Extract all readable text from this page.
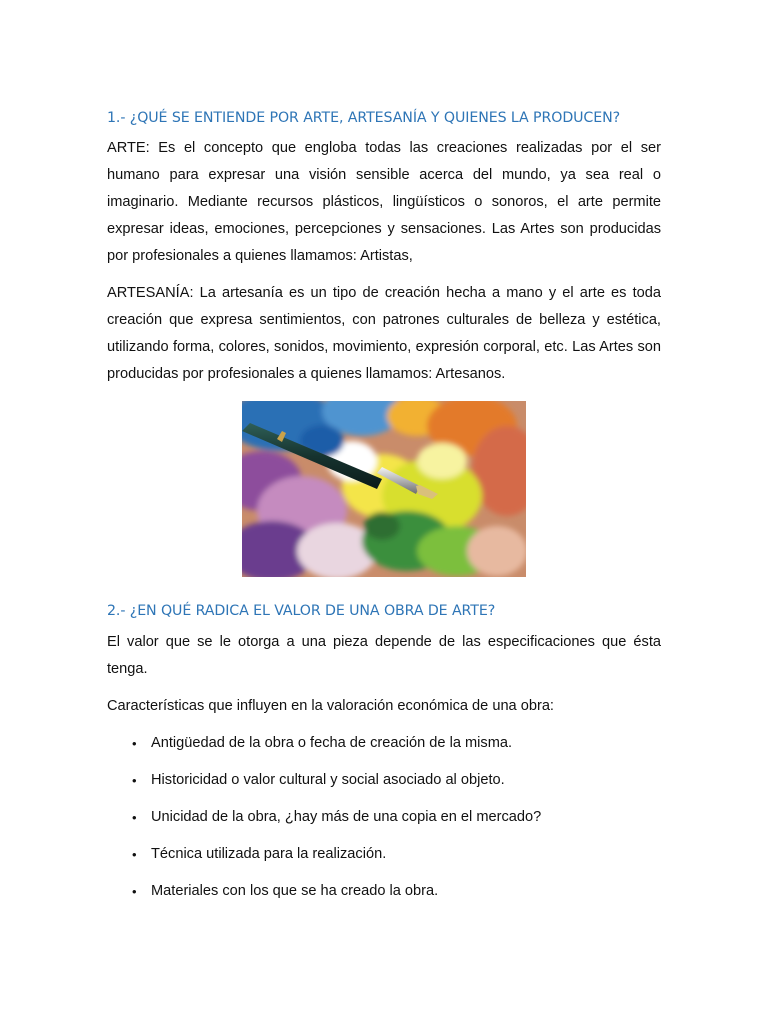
1.- ¿QUÉ SE ENTIENDE POR ARTE, ARTESANÍA Y QUIENES LA PRODUCEN?

ARTE: Es el concepto que engloba todas las creaciones realizadas por el ser humano para expresar una visión sensible acerca del mundo, ya sea real o imaginario. Mediante recursos plásticos, lingüísticos o sonoros, el arte permite expresar ideas, emociones, percepciones y sensaciones. Las Artes son producidas por profesionales a quienes llamamos: Artistas,

ARTESANÍA: La artesanía es un tipo de creación hecha a mano y el arte es toda creación que expresa sentimientos, con patrones culturales de belleza y estética, utilizando forma, colores, sonidos, movimiento, expresión corporal, etc. Las Artes son producidas por profesionales a quienes llamamos: Artesanos.

2.- ¿EN QUÉ RADICA EL VALOR DE UNA OBRA DE ARTE?

El valor que se le otorga a una pieza depende de las especificaciones que ésta tenga.

Características que influyen en la valoración económica de una obra:

• Antigüedad de la obra o fecha de creación de la misma.
• Historicidad o valor cultural y social asociado al objeto.
• Unicidad de la obra, ¿hay más de una copia en el mercado?
• Técnica utilizada para la realización.
• Materiales con los que se ha creado la obra.
